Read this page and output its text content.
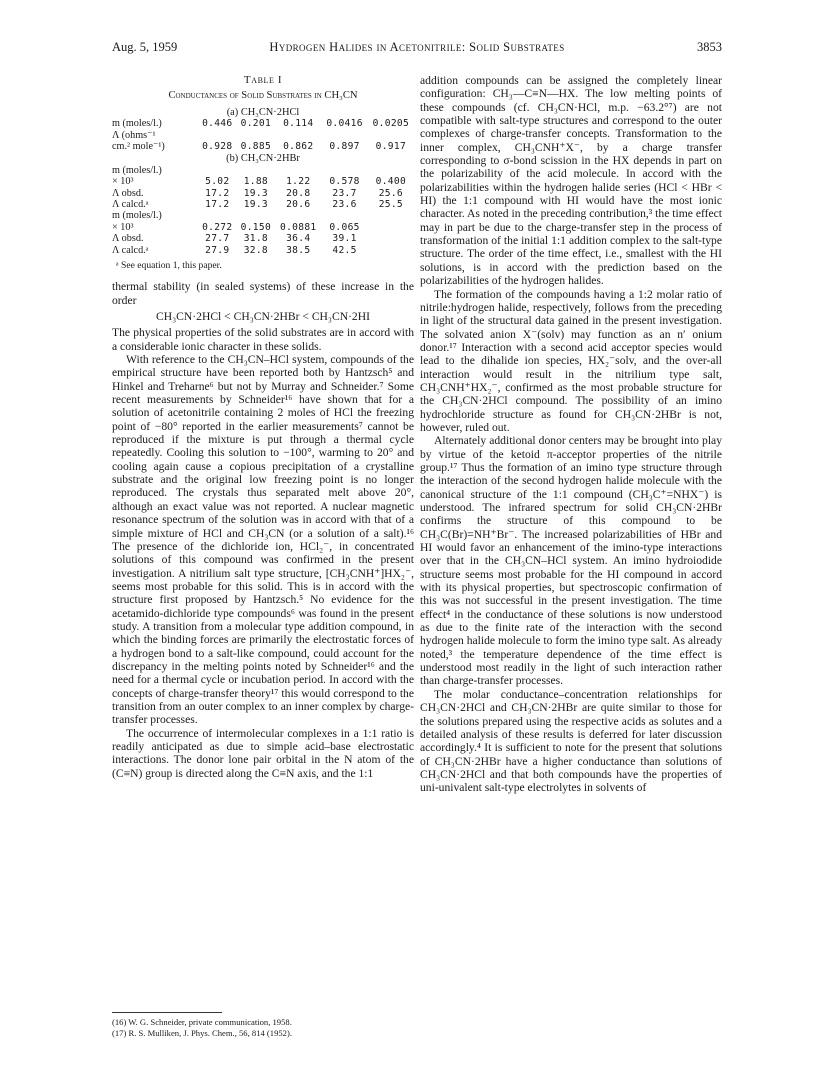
Aug. 5, 1959	Hydrogen Halides in Acetonitrile: Solid Substrates	3853
Table I
Conductances of Solid Substrates in CH₃CN
(a) CH₃CN·2HCl					
m (moles/l.)	0.446	0.201	0.114	0.0416	0.0205
Λ (ohms⁻¹					
cm.² mole⁻¹)	0.928	0.885	0.862	0.897	0.917
(b) CH₃CN·2HBr					
m (moles/l.)					
× 10³	5.02	1.88	1.22	0.578	0.400
Λ obsd.	17.2	19.3	20.8	23.7	25.6
Λ calcd.ᵃ	17.2	19.3	20.6	23.6	25.5
m (moles/l.)					
× 10³	0.272	0.150	0.0881	0.065	
Λ obsd.	27.7	31.8	36.4	39.1	
Λ calcd.ᵃ	27.9	32.8	38.5	42.5	
ᵃ See equation 1, this paper.

thermal stability (in sealed systems) of these increase in the order

CH₃CN·2HCl < CH₃CN·2HBr < CH₃CN·2HI

The physical properties of the solid substrates are in accord with a considerable ionic character in these solids.

With reference to the CH₃CN–HCl system, compounds of the empirical structure have been reported both by Hantzsch⁵ and Hinkel and Treharne⁶ but not by Murray and Schneider.⁷ Some recent measurements by Schneider¹⁶ have shown that for a solution of acetonitrile containing 2 moles of HCl the freezing point of −80° reported in the earlier measurements⁷ cannot be reproduced if the mixture is put through a thermal cycle repeatedly. Cooling this solution to −100°, warming to 20° and cooling again cause a copious precipitation of a crystalline substrate and the original low freezing point is no longer reproduced. The crystals thus separated melt above 20°, although an exact value was not reported. A nuclear magnetic resonance spectrum of the solution was in accord with that of a simple mixture of HCl and CH₃CN (or a solution of a salt).¹⁶ The presence of the dichloride ion, HCl₂⁻, in concentrated solutions of this compound was confirmed in the present investigation. A nitrilium salt type structure, [CH₃CNH⁺]HX₂⁻, seems most probable for this solid. This is in accord with the structure first proposed by Hantzsch.⁵ No evidence for the acetamido-dichloride type compounds⁶ was found in the present study. A transition from a molecular type addition compound, in which the binding forces are primarily the electrostatic forces of a hydrogen bond to a salt-like compound, could account for the discrepancy in the melting points noted by Schneider¹⁶ and the need for a thermal cycle or incubation period. In accord with the concepts of charge-transfer theory¹⁷ this would correspond to the transition from an outer complex to an inner complex by charge-transfer processes.

The occurrence of intermolecular complexes in a 1:1 ratio is readily anticipated as due to simple acid–base electrostatic interactions. The donor lone pair orbital in the N atom of the (C≡N) group is directed along the C≡N axis, and the 1:1

addition compounds can be assigned the completely linear configuration: CH₃—C≡N—HX. The low melting points of these compounds (cf. CH₃CN·HCl, m.p. −63.2°⁷) are not compatible with salt-type structures and correspond to the outer complexes of charge-transfer concepts. Transformation to the inner complex, CH₃CNH⁺X⁻, by a charge transfer corresponding to σ-bond scission in the HX depends in part on the polarizability of the acid molecule. In accord with the polarizabilities within the hydrogen halide series (HCl < HBr < HI) the 1:1 compound with HI would have the most ionic character. As noted in the preceding contribution,³ the time effect may in part be due to the charge-transfer step in the process of transformation of the initial 1:1 addition complex to the salt-type structure. The order of the time effect, i.e., smallest with the HI solutions, is in accord with the prediction based on the polarizabilities of the hydrogen halides.

The formation of the compounds having a 1:2 molar ratio of nitrile:hydrogen halide, respectively, follows from the preceding in light of the structural data gained in the present investigation. The solvated anion X⁻(solv) may function as an n′ onium donor.¹⁷ Interaction with a second acid acceptor species would lead to the dihalide ion species, HX₂⁻solv, and the over-all interaction would result in the nitrilium type salt, CH₃CNH⁺HX₂⁻, confirmed as the most probable structure for the CH₃CN·2HCl compound. The possibility of an imino hydrochloride structure as found for CH₃CN·2HBr is not, however, ruled out.

Alternately additional donor centers may be brought into play by virtue of the ketoid π-acceptor properties of the nitrile group.¹⁷ Thus the formation of an imino type structure through the interaction of the second hydrogen halide molecule with the canonical structure of the 1:1 compound (CH₃C⁺=NHX⁻) is understood. The infrared spectrum for solid CH₃CN·2HBr confirms the structure of this compound to be CH₃C(Br)=NH⁺Br⁻. The increased polarizabilities of HBr and HI would favor an enhancement of the imino-type interactions over that in the CH₃CN–HCl system. An imino hydroiodide structure seems most probable for the HI compound in accord with its physical properties, but spectroscopic confirmation of this was not successful in the present investigation. The time effect⁴ in the conductance of these solutions is now understood as due to the finite rate of the interaction with the second hydrogen halide molecule to form the imino type salt. As already noted,³ the temperature dependence of the time effect is understood most readily in the light of such interaction rather than charge-transfer processes.

The molar conductance–concentration relationships for CH₃CN·2HCl and CH₃CN·2HBr are quite similar to those for the solutions prepared using the respective acids as solutes and a detailed analysis of these results is deferred for later discussion accordingly.⁴ It is sufficient to note for the present that solutions of CH₃CN·2HBr have a higher conductance than solutions of CH₃CN·2HCl and that both compounds have the properties of uni-univalent salt-type electrolytes in solvents of

(16) W. G. Schneider, private communication, 1958.
(17) R. S. Mulliken, J. Phys. Chem., 56, 814 (1952).
